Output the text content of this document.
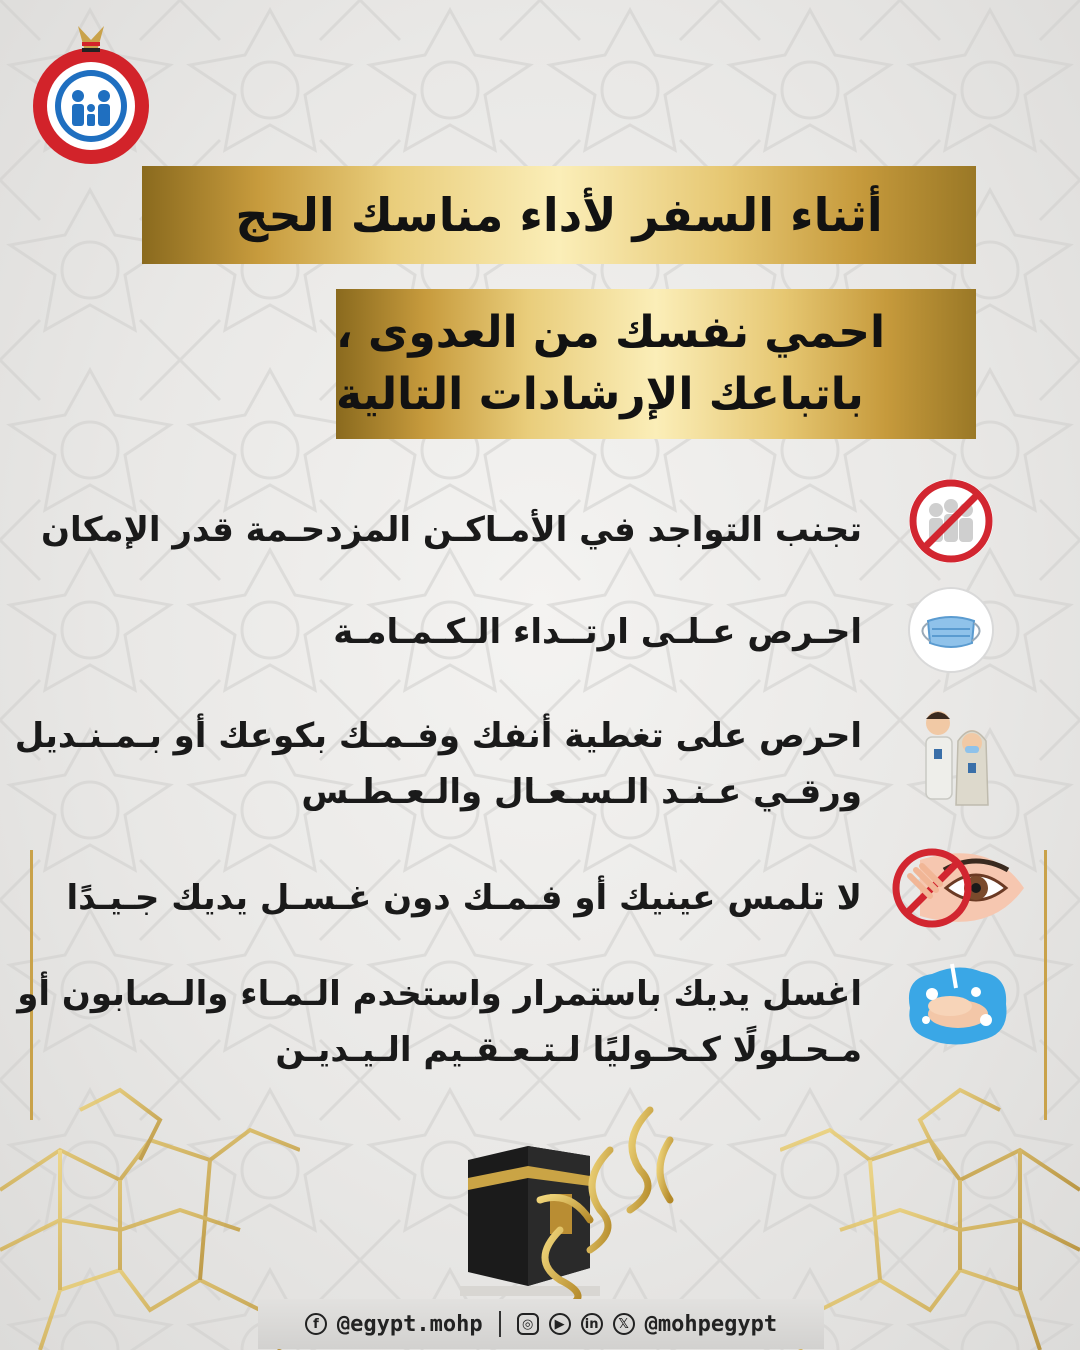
أثناء السفر لأداء مناسك الحج
احمي نفسك من العدوى ،
باتباعك الإرشادات التالية
تجنب التواجد في الأمـاكـن المزدحـمة قدر الإمكان
احـرص عـلـى ارتــداء الـكـمـامـة
احرص على تغطية أنفك وفـمـك بكوعك أو بـمـنـديل
ورقـي عـنـد الـسـعـال والـعـطـس
لا تلمس عينيك أو فـمـك دون غـسـل يديك جـيـدًا
اغسل يديك باستمرار واستخدم الـمـاء والـصابون أو
مـحـلولًا كـحـوليًا لـتـعـقـيم الـيـديـن
حج مبرور
f @egypt.mohp	◎	▶	in	𝕏 @mohpegypt
